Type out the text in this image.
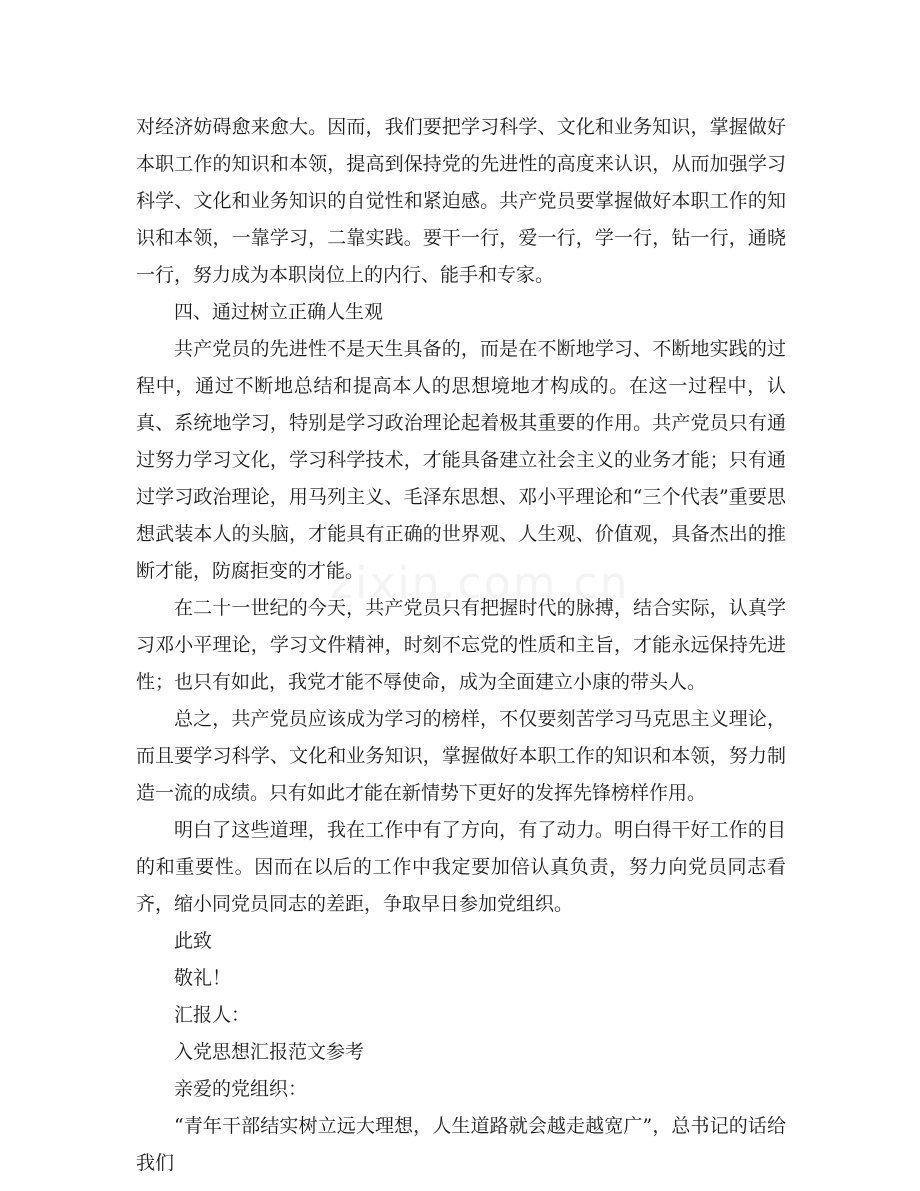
zixin.com.cn

对经济妨碍愈来愈大。因而，我们要把学习科学、文化和业务知识，掌握做好本职工作的知识和本领，提高到保持党的先进性的高度来认识，从而加强学习科学、文化和业务知识的自觉性和紧迫感。共产党员要掌握做好本职工作的知识和本领，一靠学习，二靠实践。要干一行，爱一行，学一行，钻一行，通晓一行，努力成为本职岗位上的内行、能手和专家。

四、通过树立正确人生观

共产党员的先进性不是天生具备的，而是在不断地学习、不断地实践的过程中，通过不断地总结和提高本人的思想境地才构成的。在这一过程中，认真、系统地学习，特别是学习政治理论起着极其重要的作用。共产党员只有通过努力学习文化，学习科学技术，才能具备建立社会主义的业务才能；只有通过学习政治理论，用马列主义、毛泽东思想、邓小平理论和“三个代表”重要思想武装本人的头脑，才能具有正确的世界观、人生观、价值观，具备杰出的推断才能，防腐拒变的才能。

在二十一世纪的今天，共产党员只有把握时代的脉搏，结合实际，认真学习邓小平理论，学习文件精神，时刻不忘党的性质和主旨，才能永远保持先进性；也只有如此，我党才能不辱使命，成为全面建立小康的带头人。

总之，共产党员应该成为学习的榜样，不仅要刻苦学习马克思主义理论，而且要学习科学、文化和业务知识，掌握做好本职工作的知识和本领，努力制造一流的成绩。只有如此才能在新情势下更好的发挥先锋榜样作用。

明白了这些道理，我在工作中有了方向，有了动力。明白得干好工作的目的和重要性。因而在以后的工作中我定要加倍认真负责，努力向党员同志看齐，缩小同党员同志的差距，争取早日参加党组织。

此致

敬礼！

汇报人：

入党思想汇报范文参考

亲爱的党组织：

“青年干部结实树立远大理想，人生道路就会越走越宽广”，总书记的话给我们
